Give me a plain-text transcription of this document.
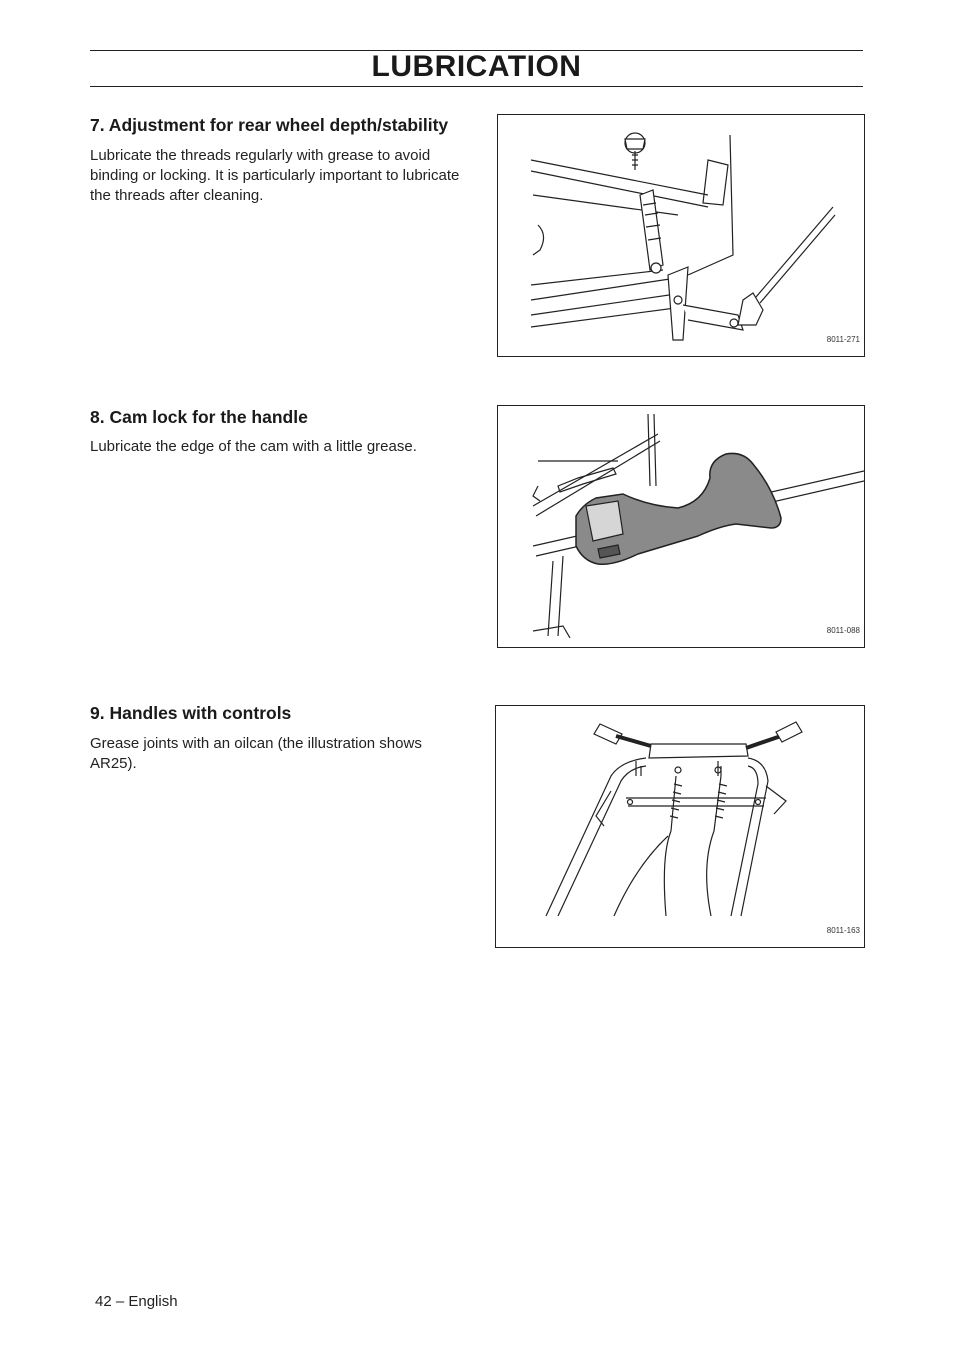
LUBRICATION
7. Adjustment for rear wheel depth/stability
Lubricate the threads regularly with grease to avoid binding or locking. It is particularly important to lubricate the threads after cleaning.
8011-271
8. Cam lock for the handle
Lubricate the edge of the cam with a little grease.
8011-088
9. Handles with controls
Grease joints with an oilcan (the illustration shows AR25).
8011-163
42 – English
